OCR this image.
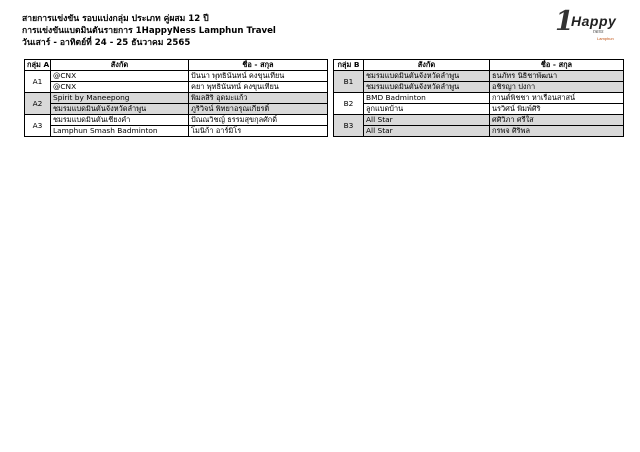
สายการแข่งขัน รอบแบ่งกลุ่ม ประเภท คู่ผสม 12 ปี
การแข่งขันแบดมินตันรายการ 1HappyNess Lamphun Travel
วันเสาร์ - อาทิตย์ที่ 24 - 25 ธันวาคม 2565
1
Happy
ness
Lamphun
กลุ่ม A	สังกัด	ชื่อ - สกุล
A1	@CNX	ปันนา พุทธินันทน์ คงขุนเทียน
	@CNX	คยา พุทธินันทน์ คงขุนเทียน
A2	Spirit by Maneepong	พิมลสิริ อุดมะแก้ว
	ชมรมแบดมินตันจังหวัดลำพูน	ภูริวิจน์ พิทยาอรุณเกียรติ์
A3	ชมรมแบดมินตันเชียงคำ	ปัณณวิชญ์ ธรรมสุขกุลศักดิ์
	Lamphun Smash Badminton	โมนิก้า อาร์มิโร
กลุ่ม B	สังกัด	ชื่อ - สกุล
B1	ชมรมแบดมินตันจังหวัดลำพูน	ธนภัทร นิธิชาพัฒนา
	ชมรมแบดมินตันจังหวัดลำพูน	อชิรญา ปงกา
B2	BMD Badminton	กานต์พิชชา หาเรือนสาสน์
	ลูกแบดบ้าน	นรวิศน์ พิมพ์ศิริ
B3	All Star	ศศิวิภา ศรีใส
	All Star	กรพจ ศิริพล
